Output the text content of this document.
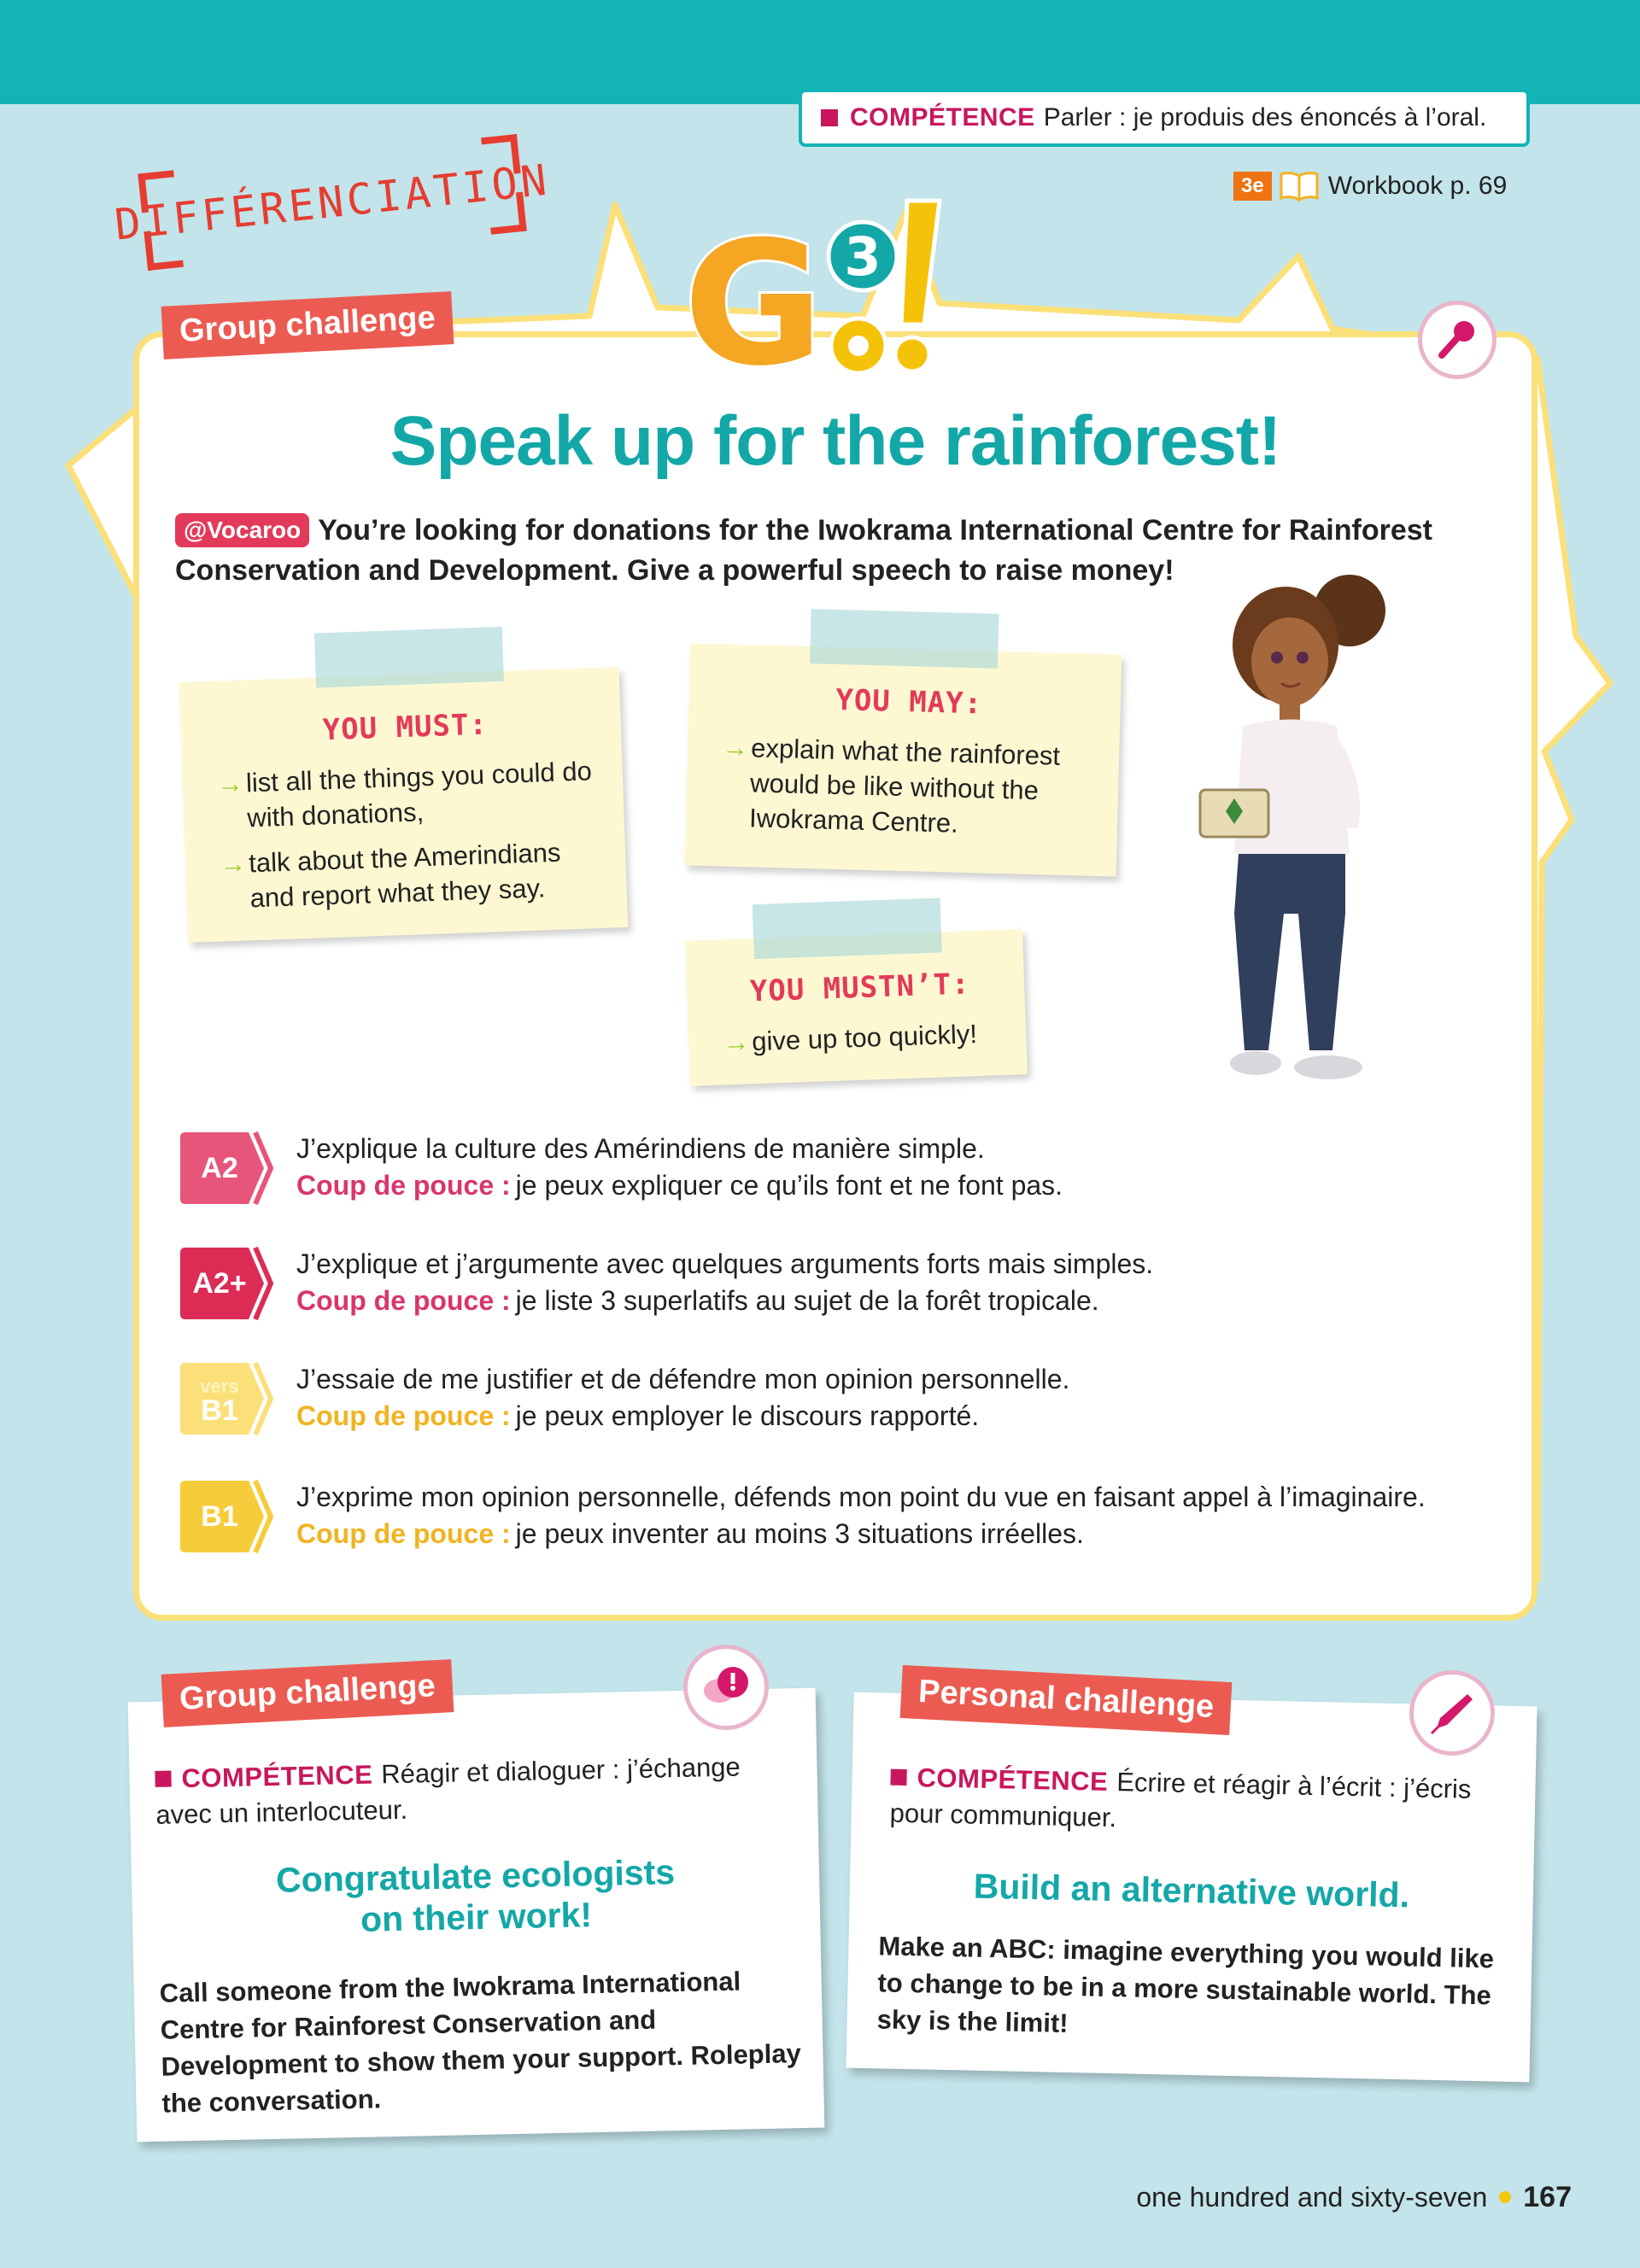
COMPÉTENCE Parler : je produis des énoncés à l’oral.
3e	Workbook p. 69
DIFFÉRENCIATION
Group challenge G 3
Speak up for the rainforest!
@Vocaroo You’re looking for donations for the Iwokrama International Centre for Rainforest Conservation and Development. Give a powerful speech to raise money!
YOU MUST:
→ list all the things you could do with donations,
→ talk about the Amerindians and report what they say.
YOU MAY:
→ explain what the rainforest would be like without the Iwokrama Centre.
YOU MUSTN’T:
→ give up too quickly!
A2
J’explique la culture des Amérindiens de manière simple.
Coup de pouce : je peux expliquer ce qu’ils font et ne font pas.
A2+
J’explique et j’argumente avec quelques arguments forts mais simples.
Coup de pouce : je liste 3 superlatifs au sujet de la forêt tropicale.
vers
B1
J’essaie de me justifier et de défendre mon opinion personnelle.
Coup de pouce : je peux employer le discours rapporté.
B1
J’exprime mon opinion personnelle, défends mon point du vue en faisant appel à l’imaginaire.
Coup de pouce : je peux inventer au moins 3 situations irréelles.
COMPÉTENCE Réagir et dialoguer : j’échange avec un interlocuteur.
Congratulate ecologists
on their work!
Call someone from the Iwokrama International Centre for Rainforest Conservation and Development to show them your support. Roleplay the conversation.
Group challenge
COMPÉTENCE Écrire et réagir à l’écrit : j’écris pour communiquer.
Build an alternative world.
Make an ABC: imagine everything you would like to change to be in a more sustainable world. The sky is the limit!
Personal challenge
one hundred and sixty-seven 167
